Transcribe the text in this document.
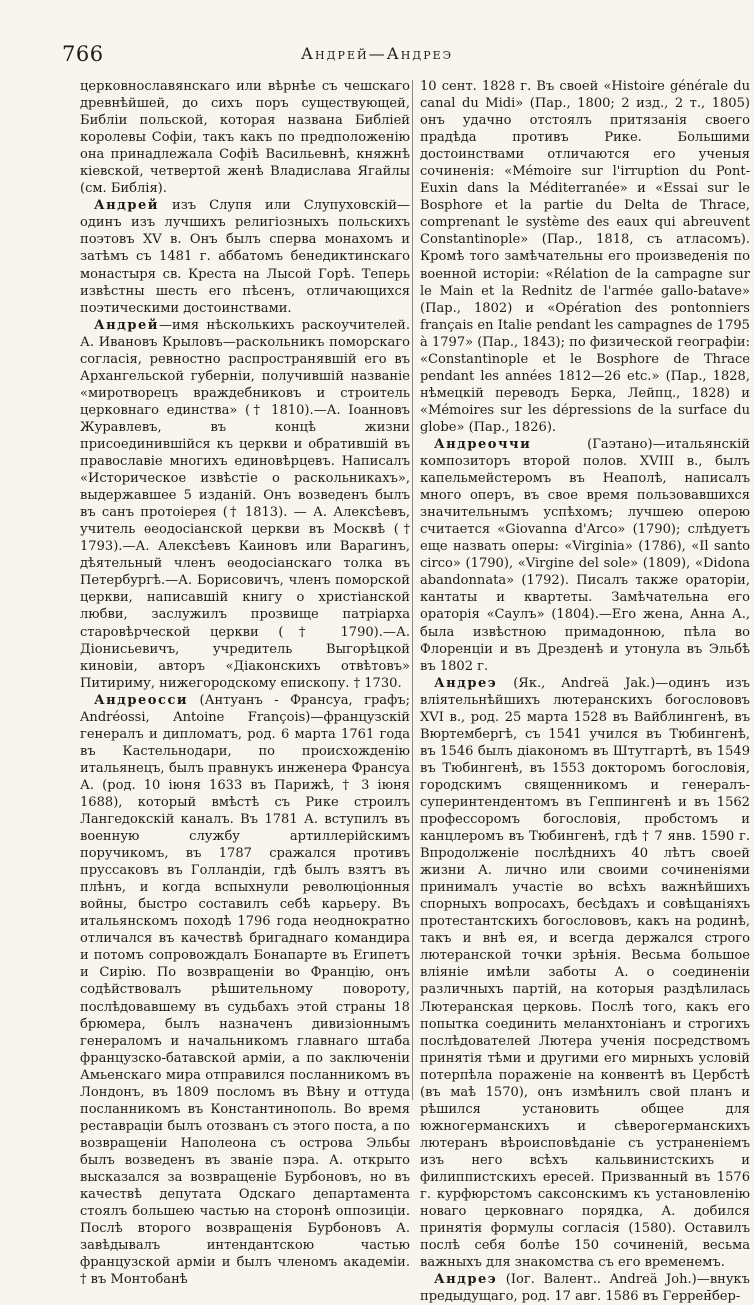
766	Андрей—Андреэ

церковнославянскаго или вѣрнѣе съ чешскаго древнѣйшей, до сихъ поръ существующей, Библіи польской, которая названа Библіей королевы Софіи, такъ какъ по предположенію она принадлежала Софіѣ Васильевнѣ, княжнѣ кіевской, четвертой женѣ Владислава Ягайлы (см. Библія).

Андрей изъ Слупя или Слупуховскій—одинъ изъ лучшихъ религіозныхъ польскихъ поэтовъ XV в. Онъ былъ сперва монахомъ и затѣмъ съ 1481 г. аббатомъ бенедиктинскаго монастыря св. Креста на Лысой Горѣ. Теперь извѣстны шесть его пѣсенъ, отличающихся поэтическими достоинствами.

Андрей—имя нѣсколькихъ раскоучителей. А. Ивановъ Крыловъ—раскольникъ поморскаго согласія, ревностно распространявшій его въ Архангельской губерніи, получившій названіе «миротворецъ враждебниковъ и строитель церковнаго единства» († 1810).—А. Іоанновъ Журавлевъ, въ концѣ жизни присоединившійся къ церкви и обратившій въ православіе многихъ единовѣрцевъ. Написалъ «Историческое извѣстіе о раскольникахъ», выдержавшее 5 изданій. Онъ возведенъ былъ въ санъ протоіерея († 1813). — А. Алексѣевъ, учитель ѳеодосіанской церкви въ Москвѣ († 1793).—А. Алексѣевъ Каиновъ или Варагинъ, дѣятельный членъ ѳеодосіанскаго толка въ Петербургѣ.—А. Борисовичъ, членъ поморской церкви, написавшій книгу о христіанской любви, заслужилъ прозвище патріарха старовѣрческой церкви († 1790).—А. Діонисьевичъ, учредитель Выгорѣцкой киновіи, авторъ «Діаконскихъ отвѣтовъ» Питириму, нижегородскому епископу. † 1730.

Андреосси (Антуанъ - Франсуа, графъ; Andréossi, Antoine François)—французскій генералъ и дипломатъ, род. 6 марта 1761 года въ Кастельнодари, по происхожденію итальянецъ, былъ правнукъ инженера Франсуа А. (род. 10 іюня 1633 въ Парижѣ, † 3 іюня 1688), который вмѣстѣ съ Рике строилъ Лангедокскій каналъ. Въ 1781 А. вступилъ въ военную службу артиллерійскимъ поручикомъ, въ 1787 сражался противъ пруссаковъ въ Голландіи, гдѣ былъ взятъ въ плѣнъ, и когда вспыхнули революціонныя войны, быстро составилъ себѣ карьеру. Въ итальянскомъ походѣ 1796 года неоднократно отличался въ качествѣ бригаднаго командира и потомъ сопровождалъ Бонапарте въ Египетъ и Сирію. По возвращеніи во Францію, онъ содѣйствовалъ рѣшительному повороту, послѣдовавшему въ судьбахъ этой страны 18 брюмера, былъ назначенъ дивизіоннымъ генераломъ и начальникомъ главнаго штаба французско-батавской арміи, а по заключеніи Амьенскаго мира отправился посланникомъ въ Лондонъ, въ 1809 посломъ въ Вѣну и оттуда посланникомъ въ Константинополь. Во время реставраціи былъ отозванъ съ этого поста, а по возвращеніи Наполеона съ острова Эльбы былъ возведенъ въ званіе пэра. А. открыто высказался за возвращеніе Бурбоновъ, но въ качествѣ депутата Одскаго департамента стоялъ большею частью на сторонѣ оппозиціи. Послѣ второго возвращенія Бурбоновъ А. завѣдывалъ интендантскою частью французской арміи и былъ членомъ академіи. † въ Монтобанѣ

10 сент. 1828 г. Въ своей «Histoire générale du canal du Midi» (Пар., 1800; 2 изд., 2 т., 1805) онъ удачно отстоялъ притязанія своего прадѣда противъ Рике. Большими достоинствами отличаются его ученыя сочиненія: «Mémoire sur l'irruption du Pont-Euxin dans la Méditerranée» и «Essai sur le Bosphore et la partie du Delta de Thrace, comprenant le système des eaux qui abreuvent Constantinople» (Пар., 1818, съ атласомъ). Кромѣ того замѣчательны его произведенія по военной исторіи: «Rélation de la campagne sur le Main et la Rednitz de l'armée gallo-batave» (Пар., 1802) и «Opération des pontonniers français en Italie pendant les campagnes de 1795 à 1797» (Пар., 1843); по физической географіи: «Constantinople et le Bosphore de Thrace pendant les années 1812—26 etc.» (Пар., 1828, нѣмецкій переводъ Берка, Лейпц., 1828) и «Mémoires sur les dépressions de la surface du globe» (Пар., 1826).

Андреоччи (Гаэтано)—итальянскій композиторъ второй полов. XVIII в., былъ капельмейстеромъ въ Неаполѣ, написалъ много оперъ, въ свое время пользовавшихся значительнымъ успѣхомъ; лучшею оперою считается «Giovanna d'Arco» (1790); слѣдуетъ еще назвать оперы: «Virginia» (1786), «Il santo circo» (1790), «Virgine del sole» (1809), «Didona abandonnata» (1792). Писалъ также ораторіи, кантаты и квартеты. Замѣчательна его ораторія «Саулъ» (1804).—Его жена, Анна А., была извѣстною примадонною, пѣла во Флоренціи и въ Дрезденѣ и утонула въ Эльбѣ въ 1802 г.

Андреэ (Як., Andreä Jak.)—одинъ изъ вліятельнѣйшихъ лютеранскихъ богослововъ XVI в., род. 25 марта 1528 въ Вайблингенѣ, въ Вюртембергѣ, съ 1541 учился въ Тюбингенѣ, въ 1546 былъ діакономъ въ Штутгартѣ, въ 1549 въ Тюбингенѣ, въ 1553 докторомъ богословія, городскимъ священникомъ и генералъ-суперинтендентомъ въ Геппингенѣ и въ 1562 профессоромъ богословія, пробстомъ и канцлеромъ въ Тюбингенѣ, гдѣ † 7 янв. 1590 г. Впродолженіе послѣднихъ 40 лѣтъ своей жизни А. лично или своими сочиненіями принималъ участіе во всѣхъ важнѣйшихъ спорныхъ вопросахъ, бесѣдахъ и совѣщаніяхъ протестантскихъ богослововъ, какъ на родинѣ, такъ и внѣ ея, и всегда держался строго лютеранской точки зрѣнія. Весьма большое вліяніе имѣли заботы А. о соединеніи различныхъ партій, на которыя раздѣлилась Лютеранская церковь. Послѣ того, какъ его попытка соединить меланхтоніанъ и строгихъ послѣдователей Лютера ученія посредствомъ принятія тѣми и другими его мирныхъ условій потерпѣла пораженіе на конвентѣ въ Цербстѣ (въ маѣ 1570), онъ измѣнилъ свой планъ и рѣшился установить общее для южногерманскихъ и сѣверогерманскихъ лютеранъ вѣроисповѣданіе съ устраненіемъ изъ него всѣхъ кальвинистскихъ и филиппистскихъ ересей. Призванный въ 1576 г. курфюрстомъ саксонскимъ къ установленію новаго церковнаго порядка, А. добился принятія формулы согласія (1580). Оставилъ послѣ себя болѣе 150 сочиненій, весьма важныхъ для знакомства съ его временемъ.

Андреэ (Іог. Валент.. Andreä Joh.)—внукъ предыдущаго, род. 17 авг. 1586 въ Геррен̄бер-
